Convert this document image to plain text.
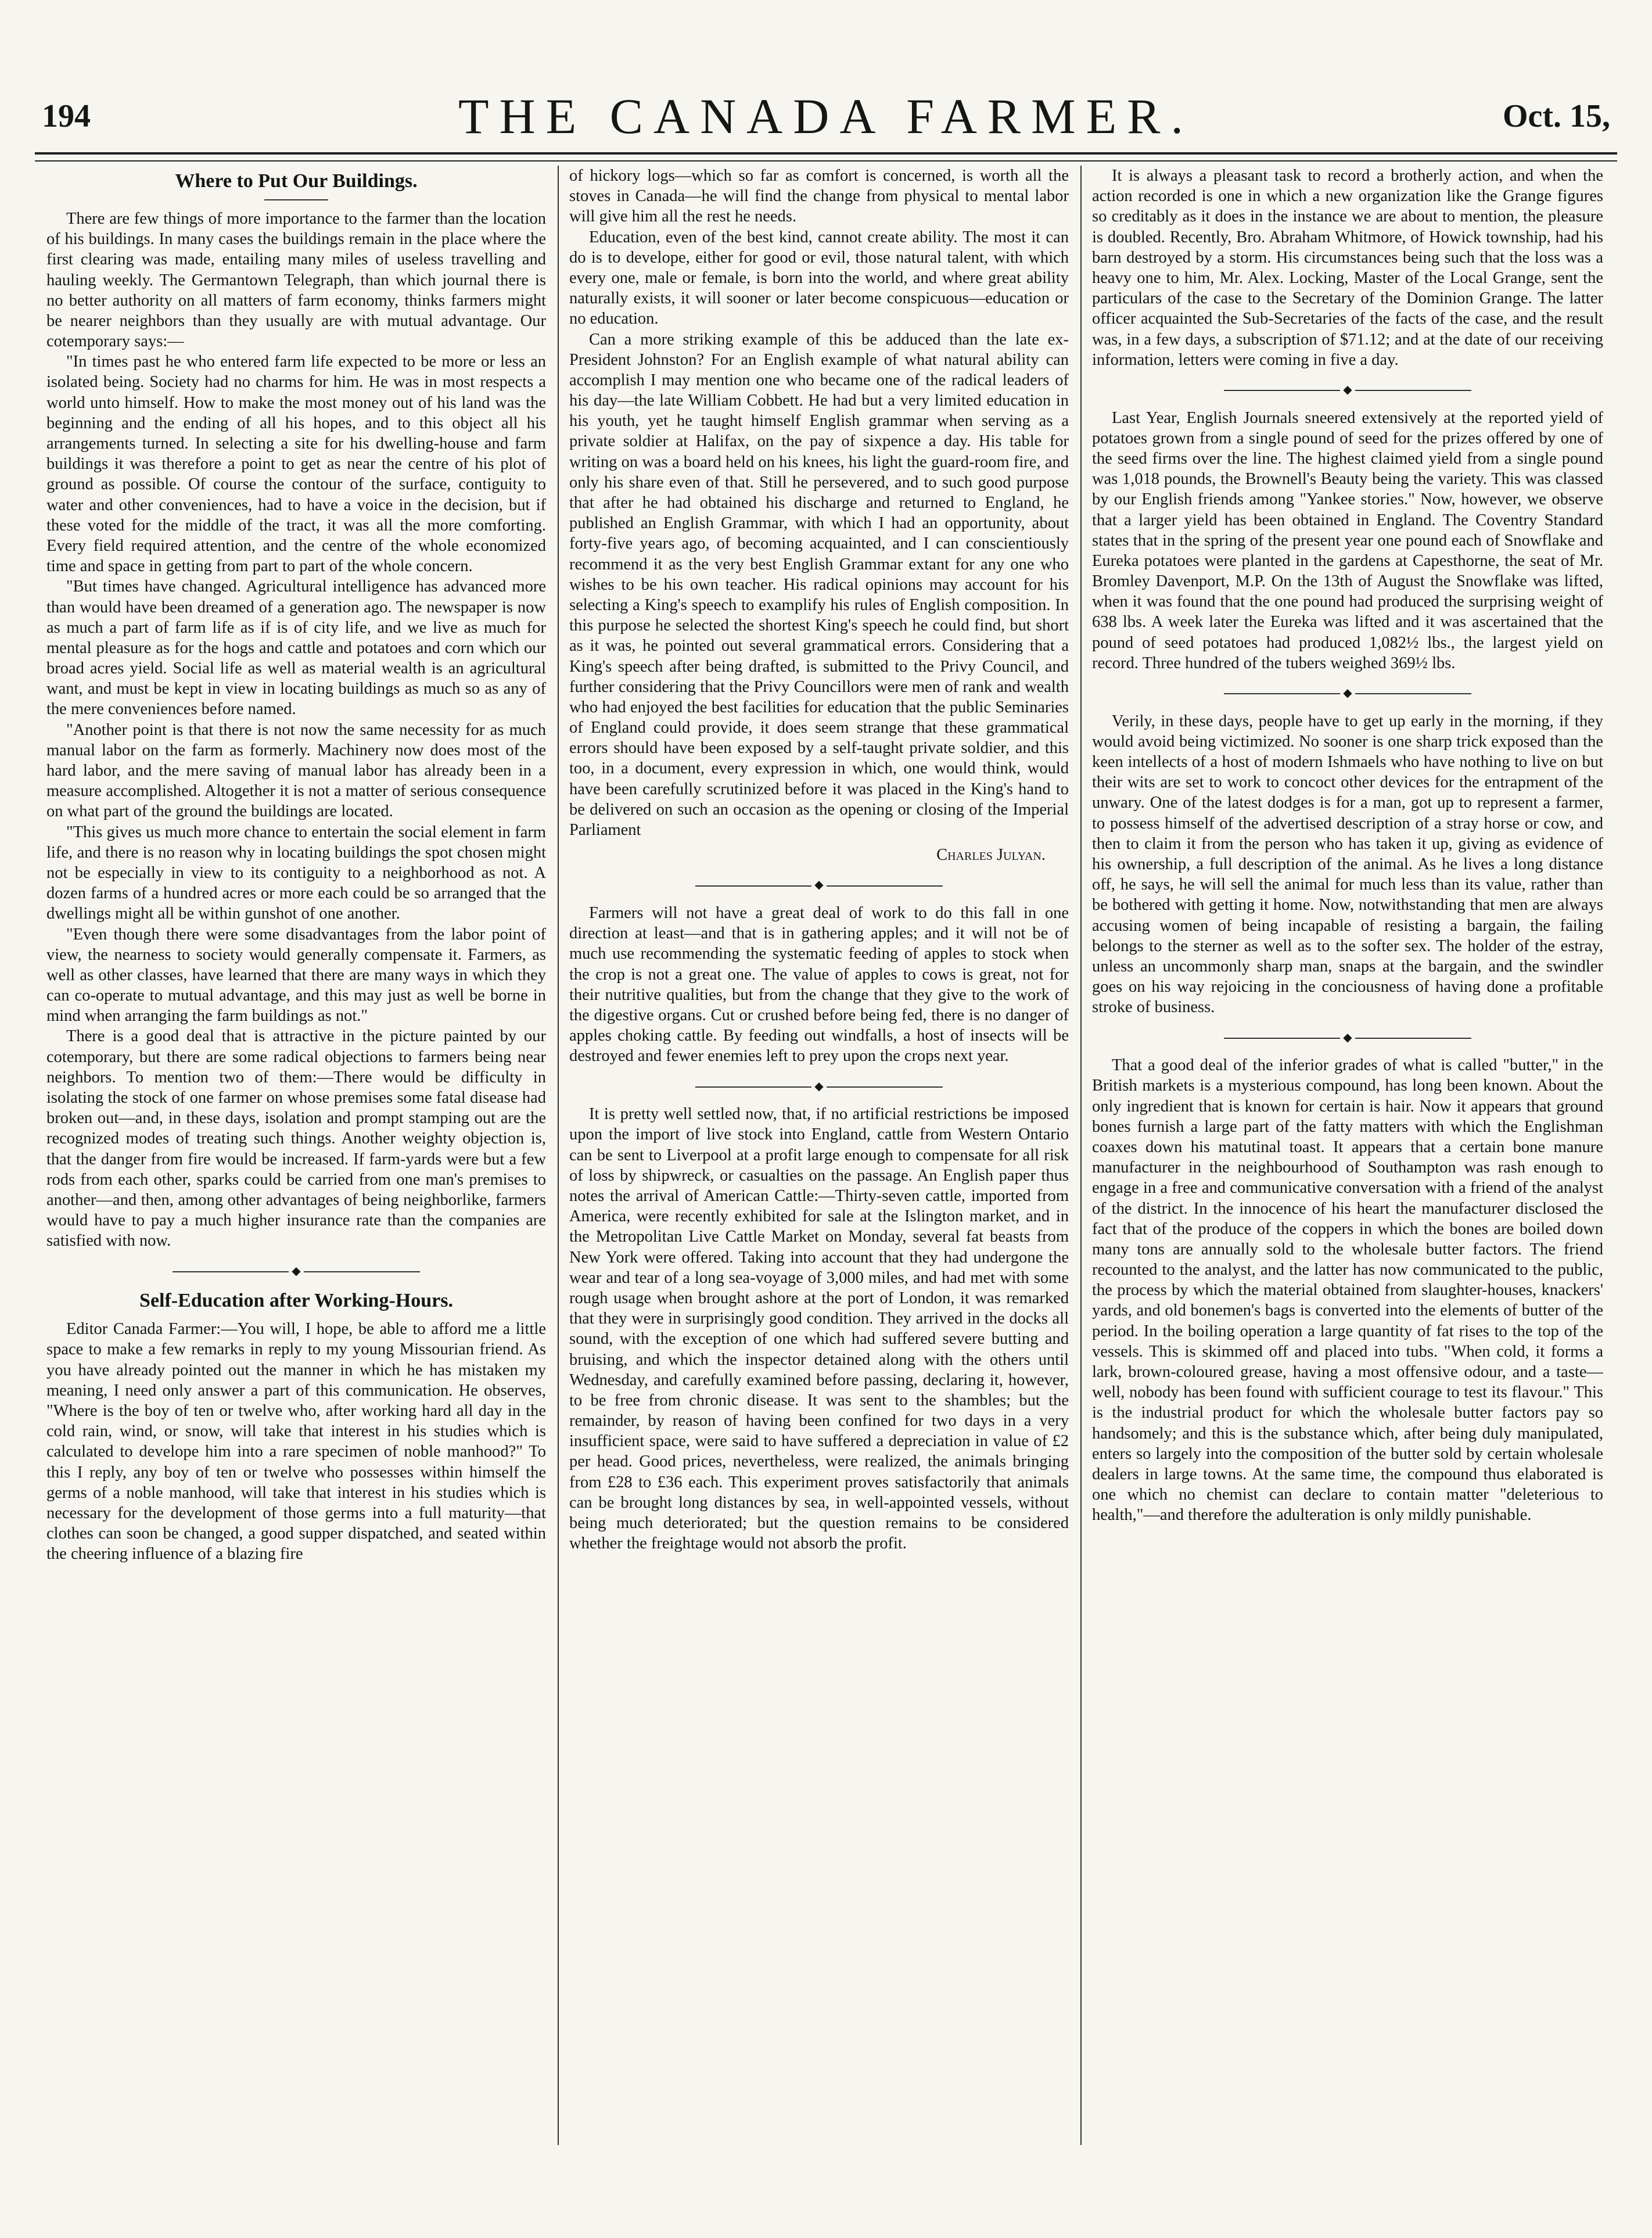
194	THE CANADA FARMER.	Oct. 15,
Where to Put Our Buildings.

There are few things of more importance to the farmer than the location of his buildings. In many cases the buildings remain in the place where the first clearing was made, entailing many miles of useless travelling and hauling weekly. The Germantown Telegraph, than which journal there is no better authority on all matters of farm economy, thinks farmers might be nearer neighbors than they usually are with mutual advantage. Our cotemporary says:—

"In times past he who entered farm life expected to be more or less an isolated being. Society had no charms for him. He was in most respects a world unto himself. How to make the most money out of his land was the beginning and the ending of all his hopes, and to this object all his arrangements turned. In selecting a site for his dwelling-house and farm buildings it was therefore a point to get as near the centre of his plot of ground as possible. Of course the contour of the surface, contiguity to water and other conveniences, had to have a voice in the decision, but if these voted for the middle of the tract, it was all the more comforting. Every field required attention, and the centre of the whole economized time and space in getting from part to part of the whole concern.

"But times have changed. Agricultural intelligence has advanced more than would have been dreamed of a generation ago. The newspaper is now as much a part of farm life as if is of city life, and we live as much for mental pleasure as for the hogs and cattle and potatoes and corn which our broad acres yield. Social life as well as material wealth is an agricultural want, and must be kept in view in locating buildings as much so as any of the mere conveniences before named.

"Another point is that there is not now the same necessity for as much manual labor on the farm as formerly. Machinery now does most of the hard labor, and the mere saving of manual labor has already been in a measure accomplished. Altogether it is not a matter of serious consequence on what part of the ground the buildings are located.

"This gives us much more chance to entertain the social element in farm life, and there is no reason why in locating buildings the spot chosen might not be especially in view to its contiguity to a neighborhood as not. A dozen farms of a hundred acres or more each could be so arranged that the dwellings might all be within gunshot of one another.

"Even though there were some disadvantages from the labor point of view, the nearness to society would generally compensate it. Farmers, as well as other classes, have learned that there are many ways in which they can co-operate to mutual advantage, and this may just as well be borne in mind when arranging the farm buildings as not."

There is a good deal that is attractive in the picture painted by our cotemporary, but there are some radical objections to farmers being near neighbors. To mention two of them:—There would be difficulty in isolating the stock of one farmer on whose premises some fatal disease had broken out—and, in these days, isolation and prompt stamping out are the recognized modes of treating such things. Another weighty objection is, that the danger from fire would be increased. If farm-yards were but a few rods from each other, sparks could be carried from one man's premises to another—and then, among other advantages of being neighborlike, farmers would have to pay a much higher insurance rate than the companies are satisfied with now.

◆
Self-Education after Working-Hours.

Editor Canada Farmer:—You will, I hope, be able to afford me a little space to make a few remarks in reply to my young Missourian friend. As you have already pointed out the manner in which he has mistaken my meaning, I need only answer a part of this communication. He observes, "Where is the boy of ten or twelve who, after working hard all day in the cold rain, wind, or snow, will take that interest in his studies which is calculated to develope him into a rare specimen of noble manhood?" To this I reply, any boy of ten or twelve who possesses within himself the germs of a noble manhood, will take that interest in his studies which is necessary for the development of those germs into a full maturity—that clothes can soon be changed, a good supper dispatched, and seated within the cheering influence of a blazing fire

of hickory logs—which so far as comfort is concerned, is worth all the stoves in Canada—he will find the change from physical to mental labor will give him all the rest he needs.

Education, even of the best kind, cannot create ability. The most it can do is to develope, either for good or evil, those natural talent, with which every one, male or female, is born into the world, and where great ability naturally exists, it will sooner or later become conspicuous—education or no education.

Can a more striking example of this be adduced than the late ex-President Johnston? For an English example of what natural ability can accomplish I may mention one who became one of the radical leaders of his day—the late William Cobbett. He had but a very limited education in his youth, yet he taught himself English grammar when serving as a private soldier at Halifax, on the pay of sixpence a day. His table for writing on was a board held on his knees, his light the guard-room fire, and only his share even of that. Still he persevered, and to such good purpose that after he had obtained his discharge and returned to England, he published an English Grammar, with which I had an opportunity, about forty-five years ago, of becoming acquainted, and I can conscientiously recommend it as the very best English Grammar extant for any one who wishes to be his own teacher. His radical opinions may account for his selecting a King's speech to examplify his rules of English composition. In this purpose he selected the shortest King's speech he could find, but short as it was, he pointed out several grammatical errors. Considering that a King's speech after being drafted, is submitted to the Privy Council, and further considering that the Privy Councillors were men of rank and wealth who had enjoyed the best facilities for education that the public Seminaries of England could provide, it does seem strange that these grammatical errors should have been exposed by a self-taught private soldier, and this too, in a document, every expression in which, one would think, would have been carefully scrutinized before it was placed in the King's hand to be delivered on such an occasion as the opening or closing of the Imperial Parliament

Charles Julyan.
◆

Farmers will not have a great deal of work to do this fall in one direction at least—and that is in gathering apples; and it will not be of much use recommending the systematic feeding of apples to stock when the crop is not a great one. The value of apples to cows is great, not for their nutritive qualities, but from the change that they give to the work of the digestive organs. Cut or crushed before being fed, there is no danger of apples choking cattle. By feeding out windfalls, a host of insects will be destroyed and fewer enemies left to prey upon the crops next year.

◆

It is pretty well settled now, that, if no artificial restrictions be imposed upon the import of live stock into England, cattle from Western Ontario can be sent to Liverpool at a profit large enough to compensate for all risk of loss by shipwreck, or casualties on the passage. An English paper thus notes the arrival of American Cattle:—Thirty-seven cattle, imported from America, were recently exhibited for sale at the Islington market, and in the Metropolitan Live Cattle Market on Monday, several fat beasts from New York were offered. Taking into account that they had undergone the wear and tear of a long sea-voyage of 3,000 miles, and had met with some rough usage when brought ashore at the port of London, it was remarked that they were in surprisingly good condition. They arrived in the docks all sound, with the exception of one which had suffered severe butting and bruising, and which the inspector detained along with the others until Wednesday, and carefully examined before passing, declaring it, however, to be free from chronic disease. It was sent to the shambles; but the remainder, by reason of having been confined for two days in a very insufficient space, were said to have suffered a depreciation in value of £2 per head. Good prices, nevertheless, were realized, the animals bringing from £28 to £36 each. This experiment proves satisfactorily that animals can be brought long distances by sea, in well-appointed vessels, without being much deteriorated; but the question remains to be considered whether the freightage would not absorb the profit.

It is always a pleasant task to record a brotherly action, and when the action recorded is one in which a new organization like the Grange figures so creditably as it does in the instance we are about to mention, the pleasure is doubled. Recently, Bro. Abraham Whitmore, of Howick township, had his barn destroyed by a storm. His circumstances being such that the loss was a heavy one to him, Mr. Alex. Locking, Master of the Local Grange, sent the particulars of the case to the Secretary of the Dominion Grange. The latter officer acquainted the Sub-Secretaries of the facts of the case, and the result was, in a few days, a subscription of $71.12; and at the date of our receiving information, letters were coming in five a day.

◆

Last Year, English Journals sneered extensively at the reported yield of potatoes grown from a single pound of seed for the prizes offered by one of the seed firms over the line. The highest claimed yield from a single pound was 1,018 pounds, the Brownell's Beauty being the variety. This was classed by our English friends among "Yankee stories." Now, however, we observe that a larger yield has been obtained in England. The Coventry Standard states that in the spring of the present year one pound each of Snowflake and Eureka potatoes were planted in the gardens at Capesthorne, the seat of Mr. Bromley Davenport, M.P. On the 13th of August the Snowflake was lifted, when it was found that the one pound had produced the surprising weight of 638 lbs. A week later the Eureka was lifted and it was ascertained that the pound of seed potatoes had produced 1,082½ lbs., the largest yield on record. Three hundred of the tubers weighed 369½ lbs.

◆

Verily, in these days, people have to get up early in the morning, if they would avoid being victimized. No sooner is one sharp trick exposed than the keen intellects of a host of modern Ishmaels who have nothing to live on but their wits are set to work to concoct other devices for the entrapment of the unwary. One of the latest dodges is for a man, got up to represent a farmer, to possess himself of the advertised description of a stray horse or cow, and then to claim it from the person who has taken it up, giving as evidence of his ownership, a full description of the animal. As he lives a long distance off, he says, he will sell the animal for much less than its value, rather than be bothered with getting it home. Now, notwithstanding that men are always accusing women of being incapable of resisting a bargain, the failing belongs to the sterner as well as to the softer sex. The holder of the estray, unless an uncommonly sharp man, snaps at the bargain, and the swindler goes on his way rejoicing in the conciousness of having done a profitable stroke of business.

◆

That a good deal of the inferior grades of what is called "butter," in the British markets is a mysterious compound, has long been known. About the only ingredient that is known for certain is hair. Now it appears that ground bones furnish a large part of the fatty matters with which the Englishman coaxes down his matutinal toast. It appears that a certain bone manure manufacturer in the neighbourhood of Southampton was rash enough to engage in a free and communicative conversation with a friend of the analyst of the district. In the innocence of his heart the manufacturer disclosed the fact that of the produce of the coppers in which the bones are boiled down many tons are annually sold to the wholesale butter factors. The friend recounted to the analyst, and the latter has now communicated to the public, the process by which the material obtained from slaughter-houses, knackers' yards, and old bonemen's bags is converted into the elements of butter of the period. In the boiling operation a large quantity of fat rises to the top of the vessels. This is skimmed off and placed into tubs. "When cold, it forms a lark, brown-coloured grease, having a most offensive odour, and a taste—well, nobody has been found with sufficient courage to test its flavour." This is the industrial product for which the wholesale butter factors pay so handsomely; and this is the substance which, after being duly manipulated, enters so largely into the composition of the butter sold by certain wholesale dealers in large towns. At the same time, the compound thus elaborated is one which no chemist can declare to contain matter "deleterious to health,"—and therefore the adulteration is only mildly punishable.
